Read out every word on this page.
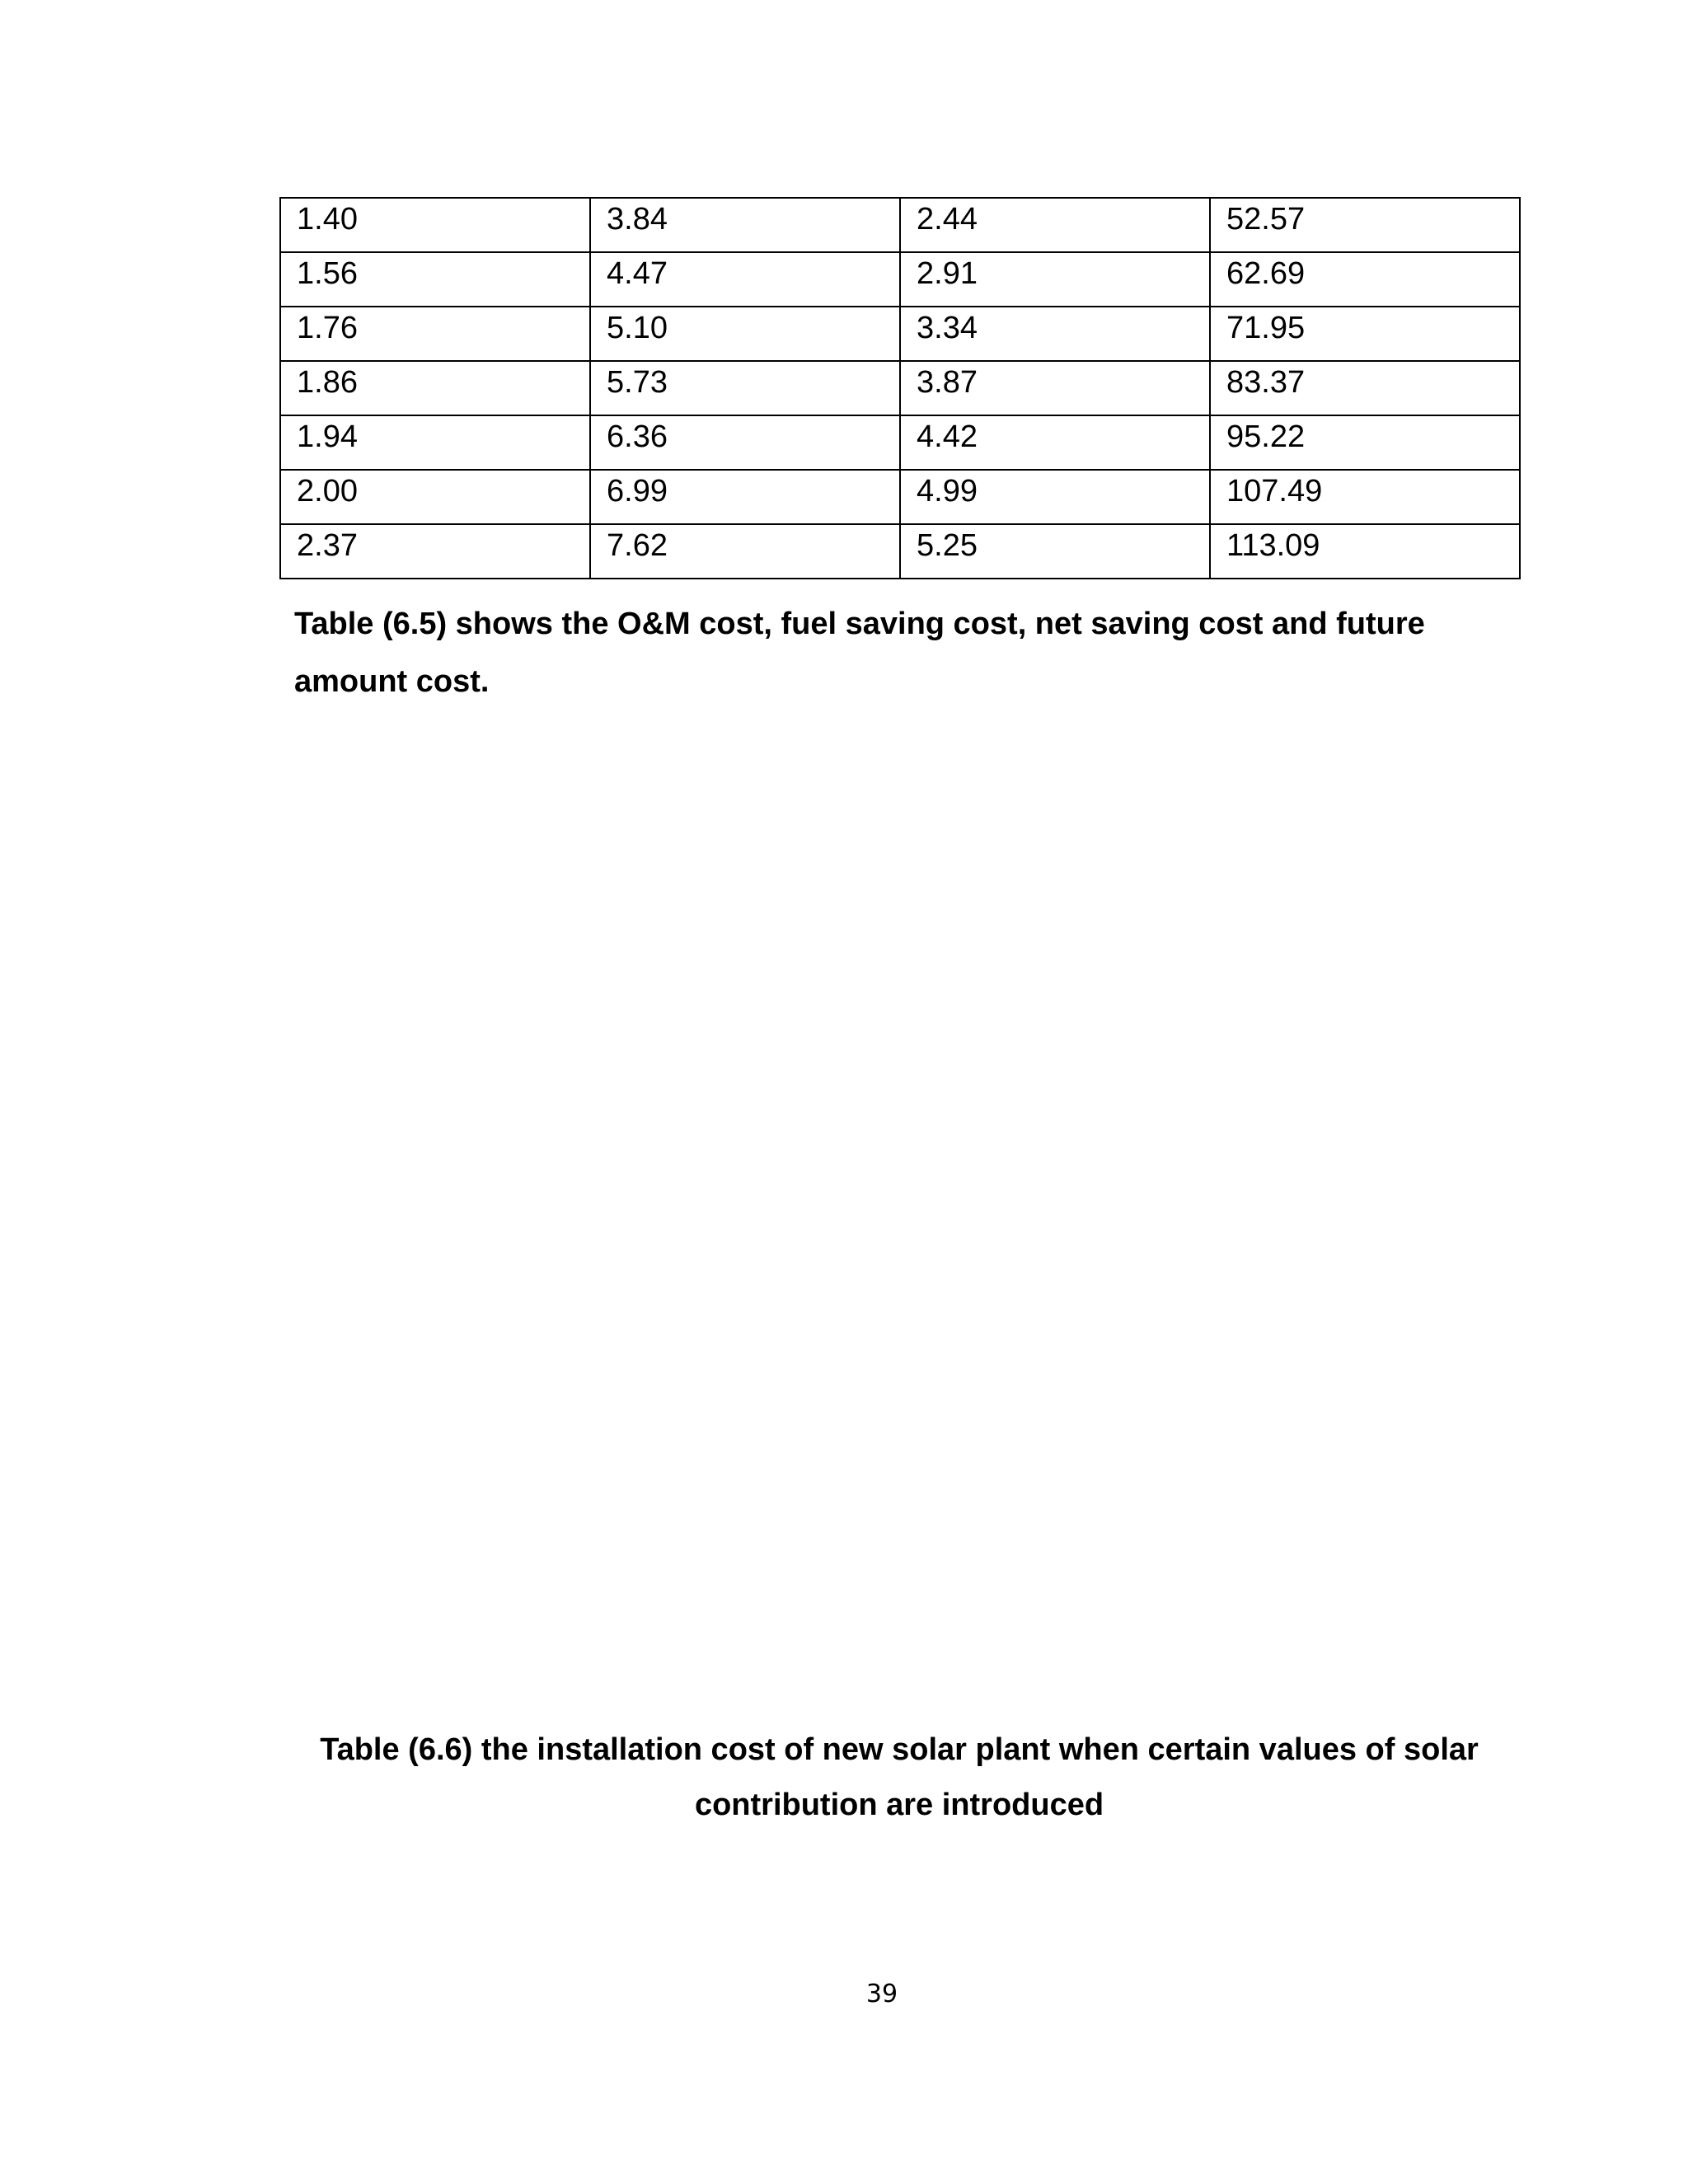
1.40	3.84	2.44	52.57
1.56	4.47	2.91	62.69
1.76	5.10	3.34	71.95
1.86	5.73	3.87	83.37
1.94	6.36	4.42	95.22
2.00	6.99	4.99	107.49
2.37	7.62	5.25	113.09
Table (6.5) shows the O&M cost, fuel saving cost, net saving cost and future amount cost.
Table (6.6) the installation cost of new solar plant when certain values of solar contribution are introduced
39
